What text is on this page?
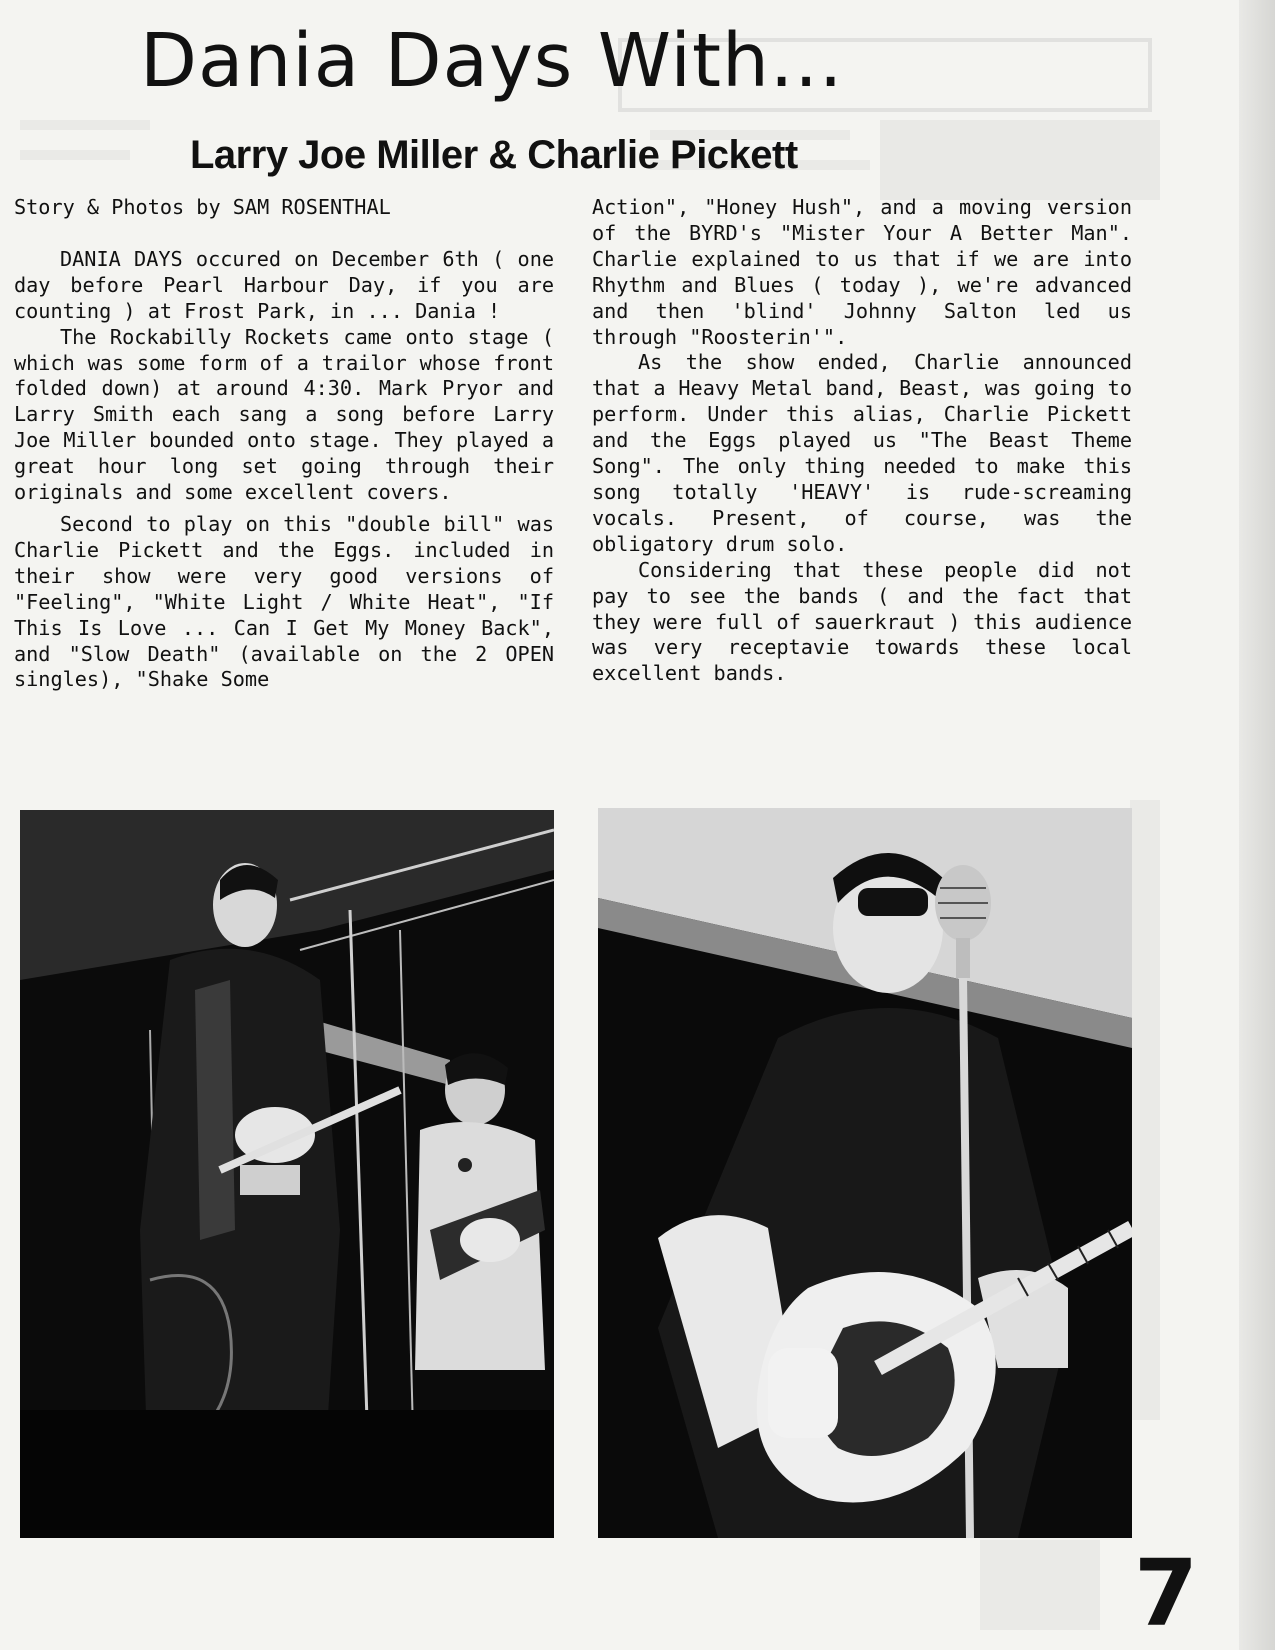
Dania Days With...
Larry Joe Miller & Charlie Pickett

Story & Photos by SAM ROSENTHAL

DANIA DAYS occured on December 6th ( one day before Pearl Harbour Day, if you are counting ) at Frost Park, in ... Dania !

The Rockabilly Rockets came onto stage ( which was some form of a trailor whose front folded down) at around 4:30. Mark Pryor and Larry Smith each sang a song before Larry Joe Miller bounded onto stage. They played a great hour long set going through their originals and some excellent covers.

Second to play on this "double bill" was Charlie Pickett and the Eggs. included in their show were very good versions of "Feeling", "White Light / White Heat", "If This Is Love ... Can I Get My Money Back", and "Slow Death" (available on the 2 OPEN singles), "Shake Some

Action", "Honey Hush", and a moving version of the BYRD's "Mister Your A Better Man". Charlie explained to us that if we are into Rhythm and Blues ( today ), we're advanced and then 'blind' Johnny Salton led us through "Roosterin'".

As the show ended, Charlie announced that a Heavy Metal band, Beast, was going to perform. Under this alias, Charlie Pickett and the Eggs played us "The Beast Theme Song". The only thing needed to make this song totally 'HEAVY' is rude-screaming vocals. Present, of course, was the obligatory drum solo.

Considering that these people did not pay to see the bands ( and the fact that they were full of sauerkraut ) this audience was very receptavie towards these local excellent bands.

7
